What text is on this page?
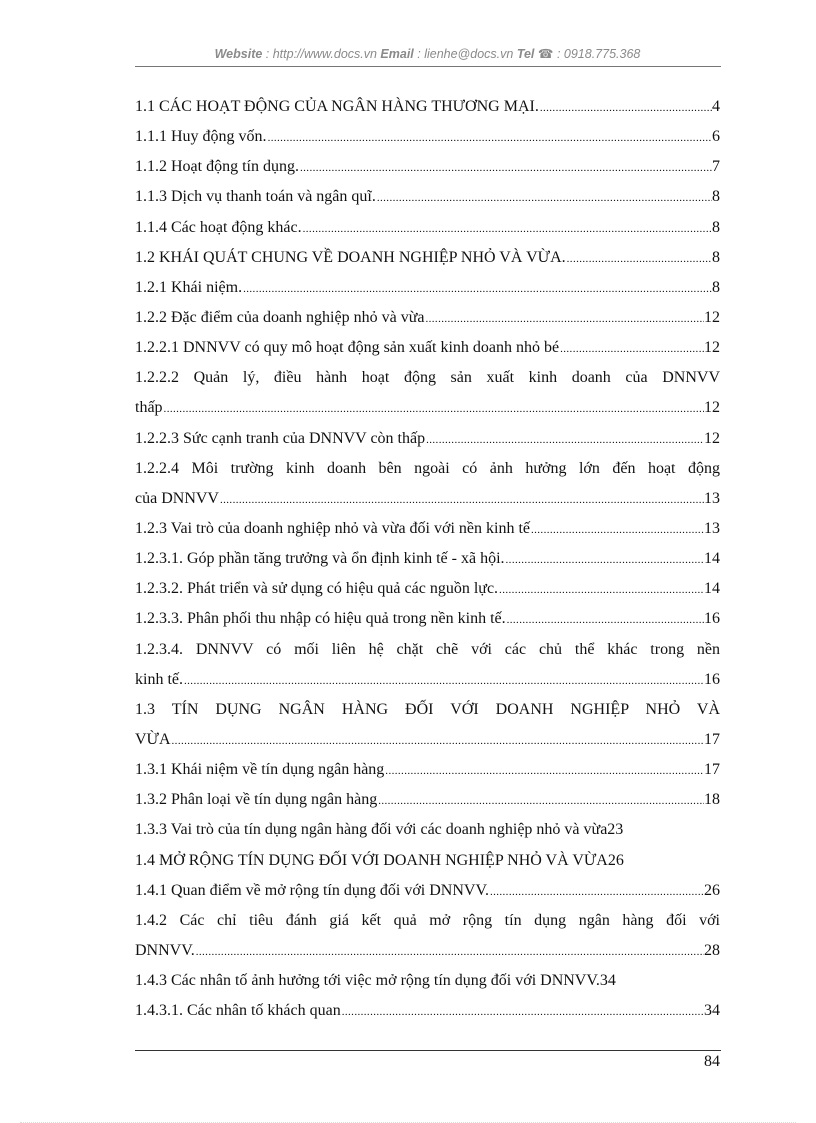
Website : http://www.docs.vn Email : lienhe@docs.vn Tel ☎ : 0918.775.368
1.1 CÁC HOẠT ĐỘNG CỦA NGÂN HÀNG THƯƠNG MẠI. .....	4
1.1.1 Huy động vốn. .....	6
1.1.2 Hoạt động tín dụng. .....	7
1.1.3 Dịch vụ thanh toán và ngân quĩ. .....	8
1.1.4 Các hoạt động khác. .....	8
1.2 KHÁI QUÁT CHUNG VỀ DOANH NGHIỆP NHỎ VÀ VỪA. .....	8
1.2.1 Khái niệm. .....	8
1.2.2 Đặc điểm của doanh nghiệp nhỏ và vừa .....	12
1.2.2.1 DNNVV có quy mô hoạt động sản xuất kinh doanh nhỏ bé .....	12
1.2.2.2 Quản lý, điều hành hoạt động sản xuất kinh doanh của DNNVV
thấp .....	12
1.2.2.3 Sức cạnh tranh của DNNVV còn thấp .....	12
1.2.2.4 Môi trường kinh doanh bên ngoài có ảnh hưởng lớn đến hoạt động
của DNNVV .....	13
1.2.3 Vai trò của doanh nghiệp nhỏ và vừa đối với nền kinh tế .....	13
1.2.3.1. Góp phần tăng trưởng và ổn định kinh tế - xã hội. .....	14
1.2.3.2. Phát triển và sử dụng có hiệu quả các nguồn lực. .....	14
1.2.3.3. Phân phối thu nhập có hiệu quả trong nền kinh tế. .....	16
1.2.3.4. DNNVV có mối liên hệ chặt chẽ với các chủ thể khác trong nền
kinh tế. .....	16
1.3 TÍN DỤNG NGÂN HÀNG ĐỐI VỚI DOANH NGHIỆP NHỎ VÀ
VỪA .....	17
1.3.1 Khái niệm về tín dụng ngân hàng .....	17
1.3.2 Phân loại về tín dụng ngân hàng .....	18
1.3.3 Vai trò của tín dụng ngân hàng đối với các doanh nghiệp nhỏ và vừa 23
1.4 MỞ RỘNG TÍN DỤNG ĐỐI VỚI DOANH NGHIỆP NHỎ VÀ VỪA 26
1.4.1 Quan điểm về mở rộng tín dụng đối với DNNVV. .....	26
1.4.2 Các chỉ tiêu đánh giá kết quả mở rộng tín dụng ngân hàng đối với
DNNVV. .....	28
1.4.3 Các nhân tố ảnh hưởng tới việc mở rộng tín dụng đối với DNNVV. 34
1.4.3.1. Các nhân tố khách quan .....	34
84
